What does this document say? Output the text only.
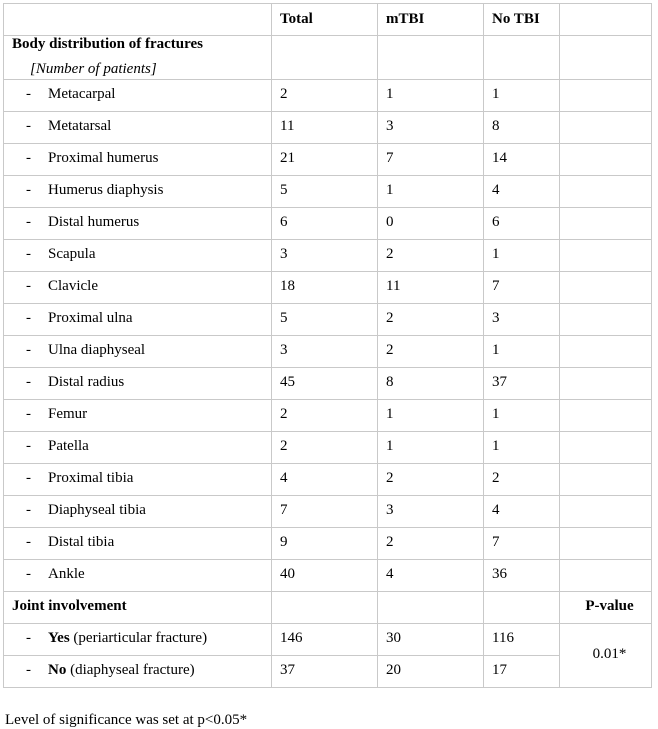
	Total	mTBI	No TBI	

Body distribution of fractures
[Number of patients]				

- Metacarpal	2	1	1	
- Metatarsal	11	3	8	
- Proximal humerus	21	7	14	
- Humerus diaphysis	5	1	4	
- Distal humerus	6	0	6	
- Scapula	3	2	1	
- Clavicle	18	11	7	
- Proximal ulna	5	2	3	
- Ulna diaphyseal	3	2	1	
- Distal radius	45	8	37	
- Femur	2	1	1	
- Patella	2	1	1	
- Proximal tibia	4	2	2	
- Diaphyseal tibia	7	3	4	
- Distal tibia	9	2	7	
- Ankle	40	4	36	
Joint involvement				P-value
- Yes (periarticular fracture)	146	30	116	0.01*
- No (diaphyseal fracture)	37	20	17	
Level of significance was set at p<0.05*
